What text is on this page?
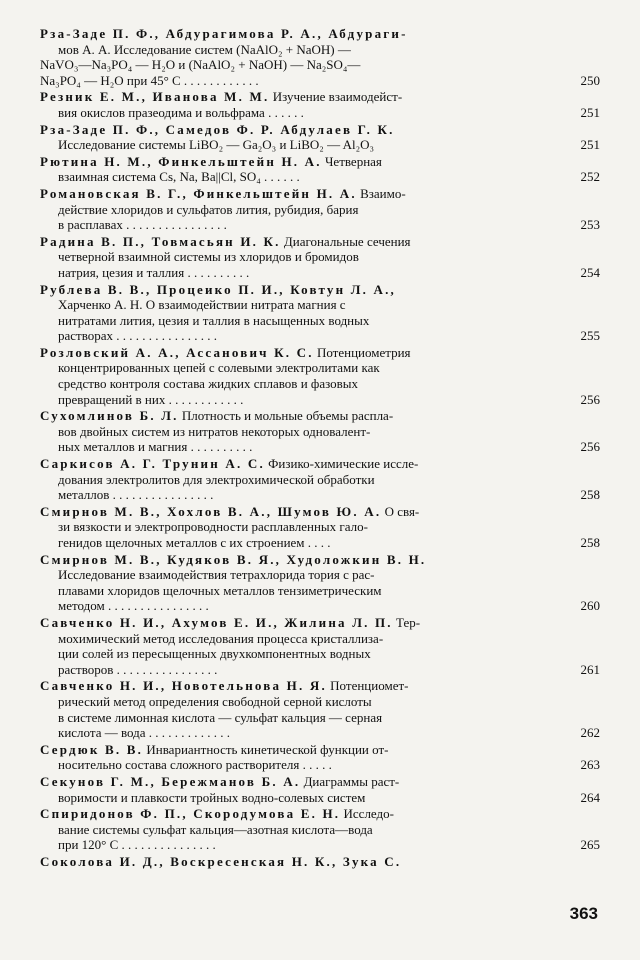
Рза-Заде П. Ф., Абдурагимова Р. А., Абдураги-
мов А. А. Исследование систем (NaAlO₂ + NaOH) —
NaVO₃—Na₃PO₄ — H₂O и (NaAlO₂ + NaOH) — Na₂SO₄—
Na₃PO₄ — H₂O при 45° C . . . . . . . . . . . .	250
Резник Е. М., Иванова М. М. Изучение взаимодейст-
вия окислов празеодима и вольфрама . . . . . .	251
Рза-Заде П. Ф., Самедов Ф. Р. Абдулаев Г. К.
Исследование системы LiBO₂ — Ga₂O₃ и LiBO₂ — Al₂O₃	251
Рютина Н. М., Финкельштейн Н. А. Четверная
взаимная система Cs, Na, Ba||Cl, SO₄ . . . . . .	252
Романовская В. Г., Финкельштейн Н. А. Взаимо-
действие хлоридов и сульфатов лития, рубидия, бария
в расплавах . . . . . . . . . . . . . . . .	253
Радина В. П., Товмасьян И. К. Диагональные сечения
четверной взаимной системы из хлоридов и бромидов
натрия, цезия и таллия . . . . . . . . . .	254
Рублева В. В., Процеико П. И., Ковтун Л. А.,
Харченко А. Н. О взаимодействии нитрата магния с
нитратами лития, цезия и таллия в насыщенных водных
растворах . . . . . . . . . . . . . . . .	255
Розловский А. А., Ассанович К. С. Потенциометрия
концентрированных цепей с солевыми электролитами как
средство контроля состава жидких сплавов и фазовых
превращений в них . . . . . . . . . . . .	256
Сухомлинов Б. Л. Плотность и мольные объемы распла-
вов двойных систем из нитратов некоторых одновалент-
ных металлов и магния . . . . . . . . . .	256
Саркисов А. Г. Трунин А. С. Физико-химические иссле-
дования электролитов для электрохимической обработки
металлов . . . . . . . . . . . . . . . .	258
Смирнов М. В., Хохлов В. А., Шумов Ю. А. О свя-
зи вязкости и электропроводности расплавленных гало-
генидов щелочных металлов с их строением . . . .	258
Смирнов М. В., Кудяков В. Я., Худоложкин В. Н.
Исследование взаимодействия тетрахлорида тория с рас-
плавами хлоридов щелочных металлов тензиметрическим
методом . . . . . . . . . . . . . . . .	260
Савченко Н. И., Ахумов Е. И., Жилина Л. П. Тер-
мохимический метод исследования процесса кристаллиза-
ции солей из пересыщенных двухкомпонентных водных
растворов . . . . . . . . . . . . . . . .	261
Савченко Н. И., Новотельнова Н. Я. Потенциомет-
рический метод определения свободной серной кислоты
в системе лимонная кислота — сульфат кальция — серная
кислота — вода . . . . . . . . . . . . .	262
Сердюк В. В. Инвариантность кинетической функции от-
носительно состава сложного растворителя . . . . .	263
Секунов Г. М., Бережманов Б. А. Диаграммы раст-
воримости и плавкости тройных водно-солевых систем	264
Спиридонов Ф. П., Скородумова Е. Н. Исследо-
вание системы сульфат кальция—азотная кислота—вода
при 120° C . . . . . . . . . . . . . . .	265
Соколова И. Д., Воскресенская Н. К., Зука С.
363
